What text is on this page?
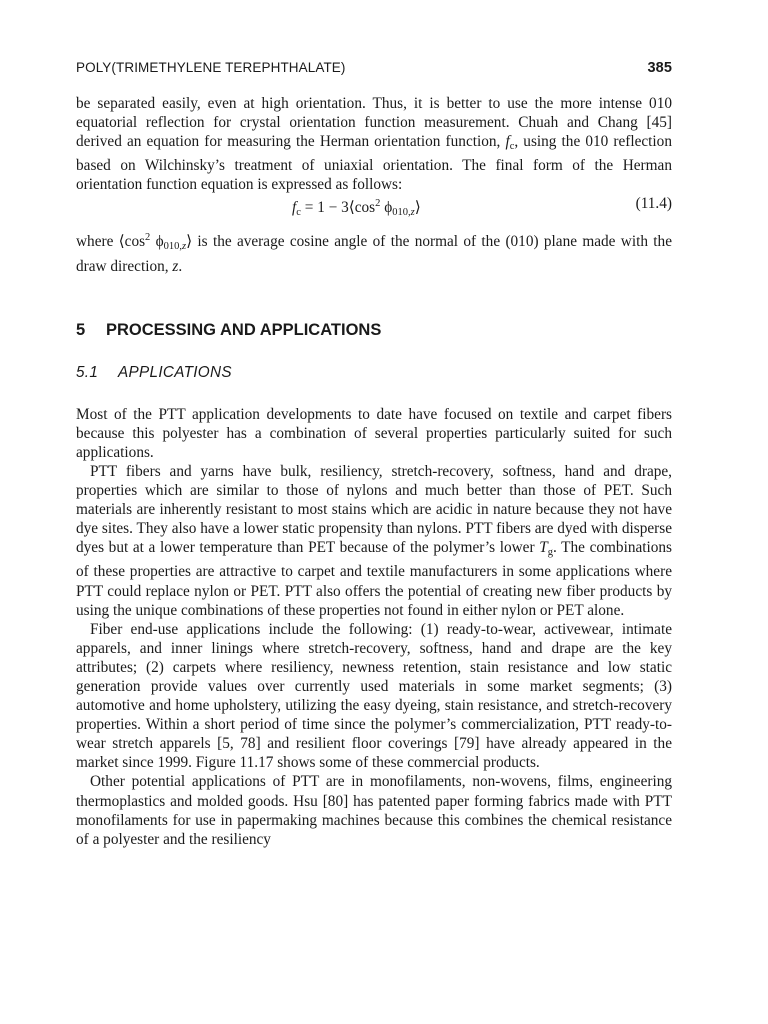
POLY(TRIMETHYLENE TEREPHTHALATE)	385

be separated easily, even at high orientation. Thus, it is better to use the more intense 010 equatorial reflection for crystal orientation function measurement. Chuah and Chang [45] derived an equation for measuring the Herman orientation function, $f_c$, using the 010 reflection based on Wilchinsky’s treatment of uniaxial orientation. The final form of the Herman orientation function equation is expressed as follows:

$f_c = 1$ − $3⟨\cos^2$ $\phi_{010,z}⟩$	(11.4)

where $⟨\cos^2$ $\phi_{010,z}⟩$ is the average cosine angle of the normal of the (010) plane made with the draw direction, z.

5	PROCESSING AND APPLICATIONS
5.1	APPLICATIONS

Most of the PTT application developments to date have focused on textile and carpet fibers because this polyester has a combination of several properties particularly suited for such applications.

PTT fibers and yarns have bulk, resiliency, stretch-recovery, softness, hand and drape, properties which are similar to those of nylons and much better than those of PET. Such materials are inherently resistant to most stains which are acidic in nature because they not have dye sites. They also have a lower static propensity than nylons. PTT fibers are dyed with disperse dyes but at a lower temperature than PET because of the polymer’s lower $T_g$. The combinations of these properties are attractive to carpet and textile manufacturers in some applications where PTT could replace nylon or PET. PTT also offers the potential of creating new fiber products by using the unique combinations of these properties not found in either nylon or PET alone.

Fiber end-use applications include the following: (1) ready-to-wear, activewear, intimate apparels, and inner linings where stretch-recovery, softness, hand and drape are the key attributes; (2) carpets where resiliency, newness retention, stain resistance and low static generation provide values over currently used materials in some market segments; (3) automotive and home upholstery, utilizing the easy dyeing, stain resistance, and stretch-recovery properties. Within a short period of time since the polymer’s commercialization, PTT ready-to-wear stretch apparels [5, 78] and resilient floor coverings [79] have already appeared in the market since 1999. Figure 11.17 shows some of these commercial products.

Other potential applications of PTT are in monofilaments, non-wovens, films, engineering thermoplastics and molded goods. Hsu [80] has patented paper forming fabrics made with PTT monofilaments for use in papermaking machines because this combines the chemical resistance of a polyester and the resiliency
